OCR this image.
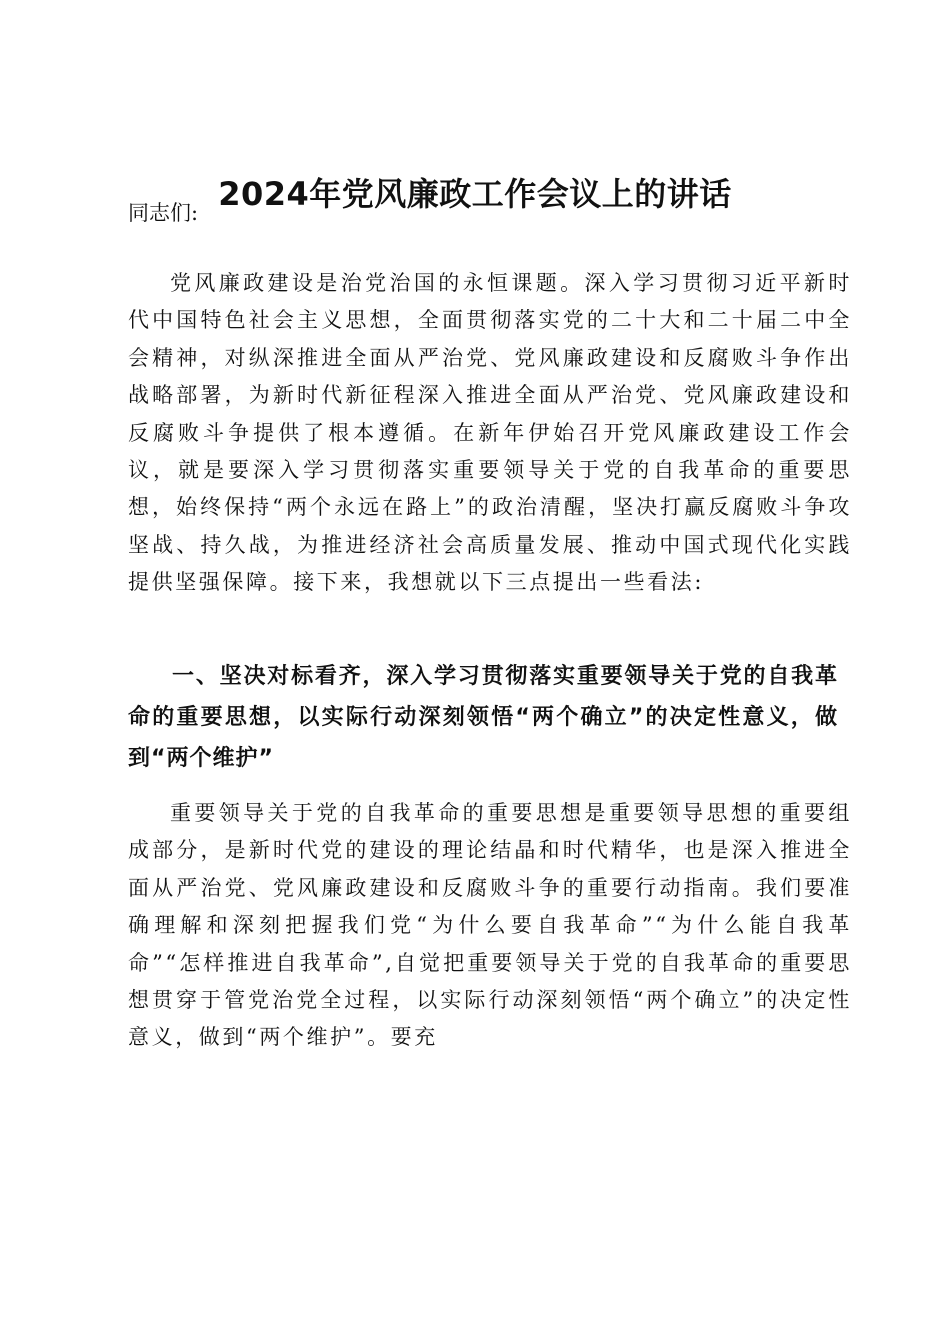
2024年党风廉政工作会议上的讲话

同志们:

党风廉政建设是治党治国的永恒课题。深入学习贯彻习近平新时代中国特色社会主义思想，全面贯彻落实党的二十大和二十届二中全会精神，对纵深推进全面从严治党、党风廉政建设和反腐败斗争作出战略部署，为新时代新征程深入推进全面从严治党、党风廉政建设和反腐败斗争提供了根本遵循。在新年伊始召开党风廉政建设工作会议，就是要深入学习贯彻落实重要领导关于党的自我革命的重要思想，始终保持“两个永远在路上”的政治清醒，坚决打赢反腐败斗争攻坚战、持久战，为推进经济社会高质量发展、推动中国式现代化实践提供坚强保障。接下来，我想就以下三点提出一些看法:

一、坚决对标看齐，深入学习贯彻落实重要领导关于党的自我革命的重要思想，以实际行动深刻领悟“两个确立”的决定性意义，做到“两个维护”

重要领导关于党的自我革命的重要思想是重要领导思想的重要组成部分，是新时代党的建设的理论结晶和时代精华，也是深入推进全面从严治党、党风廉政建设和反腐败斗争的重要行动指南。我们要准确理解和深刻把握我们党“为什么要自我革命”“为什么能自我革命”“怎样推进自我革命”,自觉把重要领导关于党的自我革命的重要思想贯穿于管党治党全过程，以实际行动深刻领悟“两个确立”的决定性意义，做到“两个维护”。要充
